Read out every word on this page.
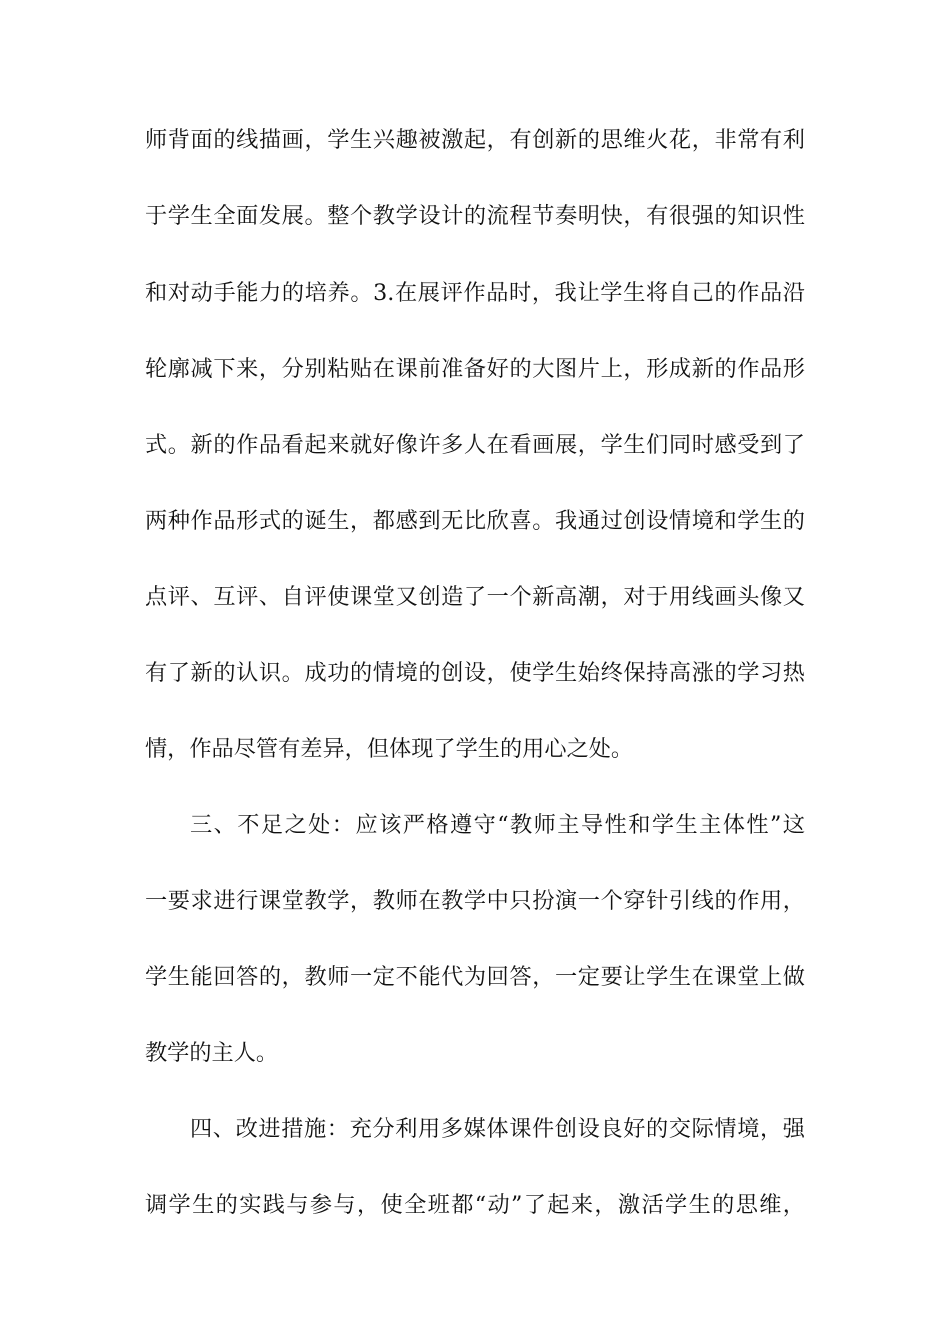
师背面的线描画，学生兴趣被激起，有创新的思维火花，非常有利
于学生全面发展。整个教学设计的流程节奏明快，有很强的知识性
和对动手能力的培养。3.在展评作品时，我让学生将自己的作品沿
轮廓减下来，分别粘贴在课前准备好的大图片上，形成新的作品形
式。新的作品看起来就好像许多人在看画展，学生们同时感受到了
两种作品形式的诞生，都感到无比欣喜。我通过创设情境和学生的
点评、互评、自评使课堂又创造了一个新高潮，对于用线画头像又
有了新的认识。成功的情境的创设，使学生始终保持高涨的学习热
情，作品尽管有差异，但体现了学生的用心之处。
三、不足之处：应该严格遵守“教师主导性和学生主体性”这
一要求进行课堂教学，教师在教学中只扮演一个穿针引线的作用，
学生能回答的，教师一定不能代为回答，一定要让学生在课堂上做
教学的主人。
四、改进措施：充分利用多媒体课件创设良好的交际情境，强
调学生的实践与参与，使全班都“动”了起来，激活学生的思维，
